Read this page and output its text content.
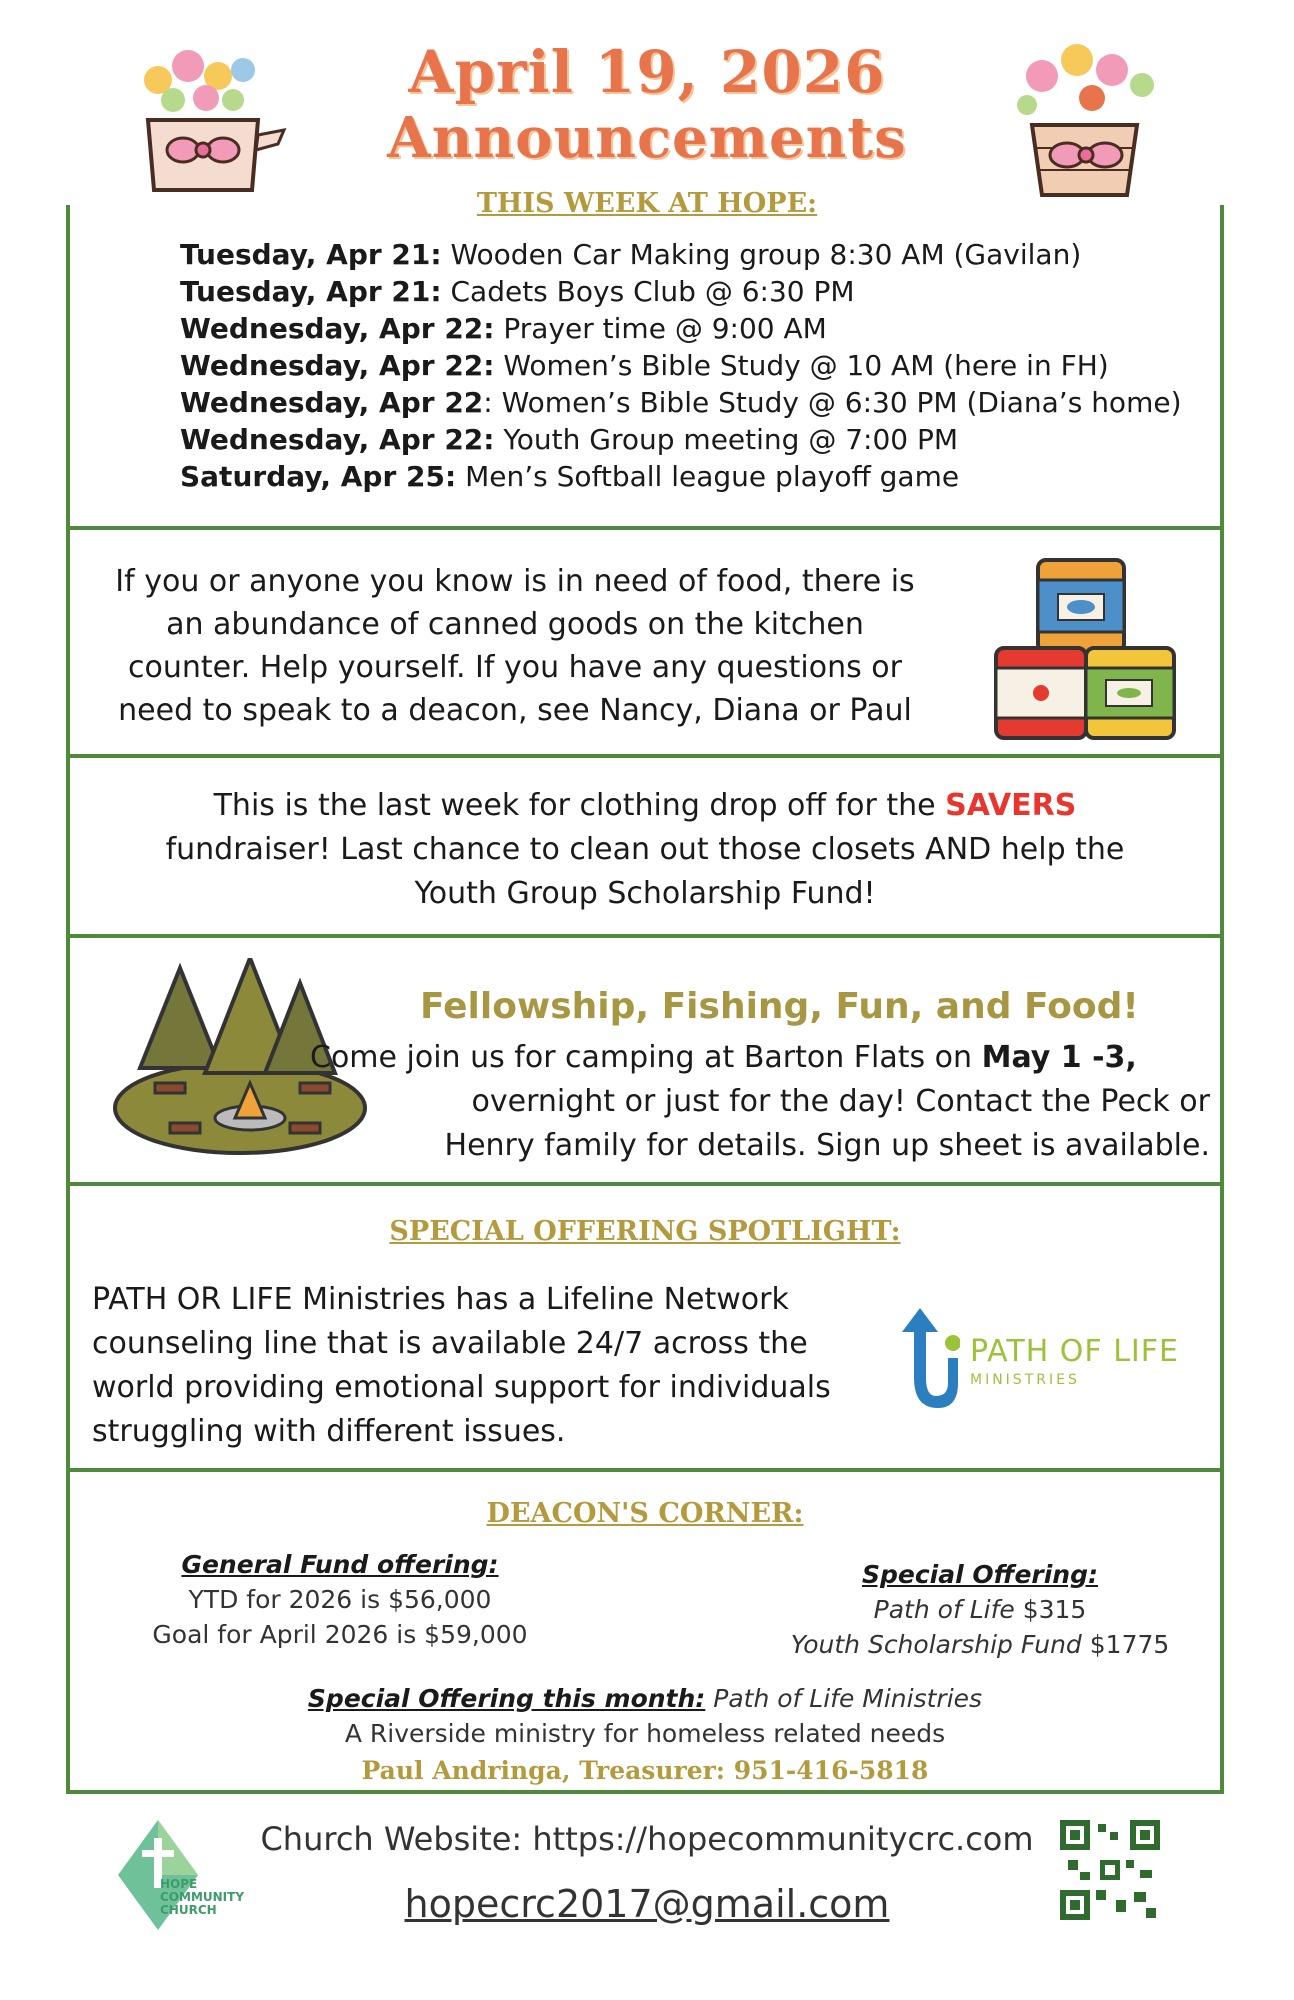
April 19, 2026
Announcements
THIS WEEK AT HOPE:
Tuesday, Apr 21: Wooden Car Making group 8:30 AM (Gavilan)
Tuesday, Apr 21: Cadets Boys Club @ 6:30 PM
Wednesday, Apr 22: Prayer time @ 9:00 AM
Wednesday, Apr 22: Women’s Bible Study @ 10 AM (here in FH)
Wednesday, Apr 22: Women’s Bible Study @ 6:30 PM (Diana’s home)
Wednesday, Apr 22: Youth Group meeting @ 7:00 PM
Saturday, Apr 25: Men’s Softball league playoff game
If you or anyone you know is in need of food, there is
an abundance of canned goods on the kitchen
counter. Help yourself. If you have any questions or
need to speak to a deacon, see Nancy, Diana or Paul
This is the last week for clothing drop off for the SAVERS
fundraiser! Last chance to clean out those closets AND help the
Youth Group Scholarship Fund!
Fellowship, Fishing, Fun, and Food!
Come join us for camping at Barton Flats on May 1 -3,
overnight or just for the day! Contact the Peck or
Henry family for details. Sign up sheet is available.
SPECIAL OFFERING SPOTLIGHT:
PATH OR LIFE Ministries has a Lifeline Network
counseling line that is available 24/7 across the
world providing emotional support for individuals
struggling with different issues.
PATH OF LIFE
MINISTRIES
DEACON'S CORNER:
General Fund offering:
YTD for 2026 is $56,000
Goal for April 2026 is $59,000
Special Offering:
Path of Life $315
Youth Scholarship Fund $1775
Special Offering this month: Path of Life Ministries
A Riverside ministry for homeless related needs
Paul Andringa, Treasurer: 951-416-5818
HOPE
COMMUNITY
CHURCH
Church Website: https://hopecommunitycrc.com
hopecrc2017@gmail.com
